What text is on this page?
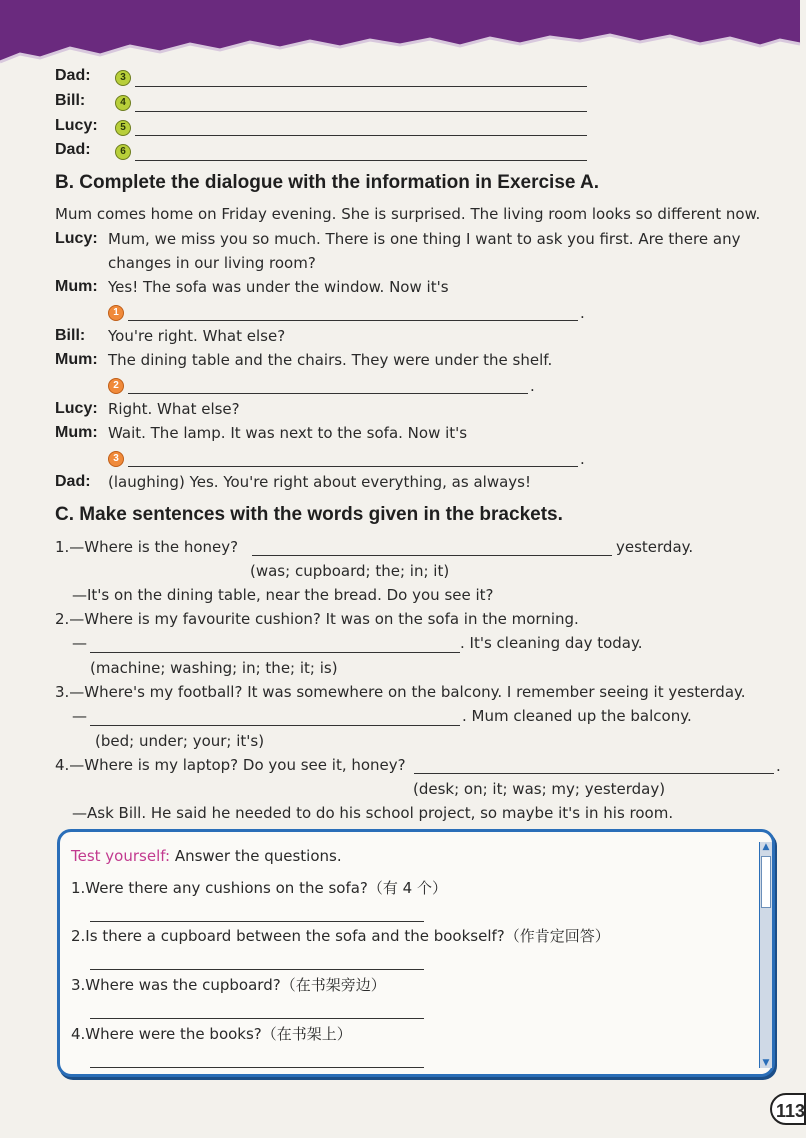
Dad:	3
Bill:	4
Lucy:	5
Dad:	6
B. Complete the dialogue with the information in Exercise A.
Mum comes home on Friday evening. She is surprised. The living room looks so different now.
Lucy: Mum, we miss you so much. There is one thing I want to ask you first. Are there any
changes in our living room?
Mum: Yes! The sofa was under the window. Now it's
1	.
Bill: You're right. What else?
Mum: The dining table and the chairs. They were under the shelf.
2	.
Lucy: Right. What else?
Mum: Wait. The lamp. It was next to the sofa. Now it's
3	.
Dad: (laughing) Yes. You're right about everything, as always!
C. Make sentences with the words given in the brackets.
1.—Where is the honey?	yesterday.
(was; cupboard; the; in; it)
—It's on the dining table, near the bread. Do you see it?
2.—Where is my favourite cushion? It was on the sofa in the morning.
—	. It's cleaning day today.
(machine; washing; in; the; it; is)
3.—Where's my football? It was somewhere on the balcony. I remember seeing it yesterday.
—	. Mum cleaned up the balcony.
(bed; under; your; it's)
4.—Where is my laptop? Do you see it, honey?	.
(desk; on; it; was; my; yesterday)
—Ask Bill. He said he needed to do his school project, so maybe it's in his room.
Test yourself: Answer the questions.
1.Were there any cushions on the sofa?（有 4 个）
2.Is there a cupboard between the sofa and the bookself?（作肯定回答）
3.Where was the cupboard?（在书架旁边）
4.Where were the books?（在书架上）
▲
▼
113
